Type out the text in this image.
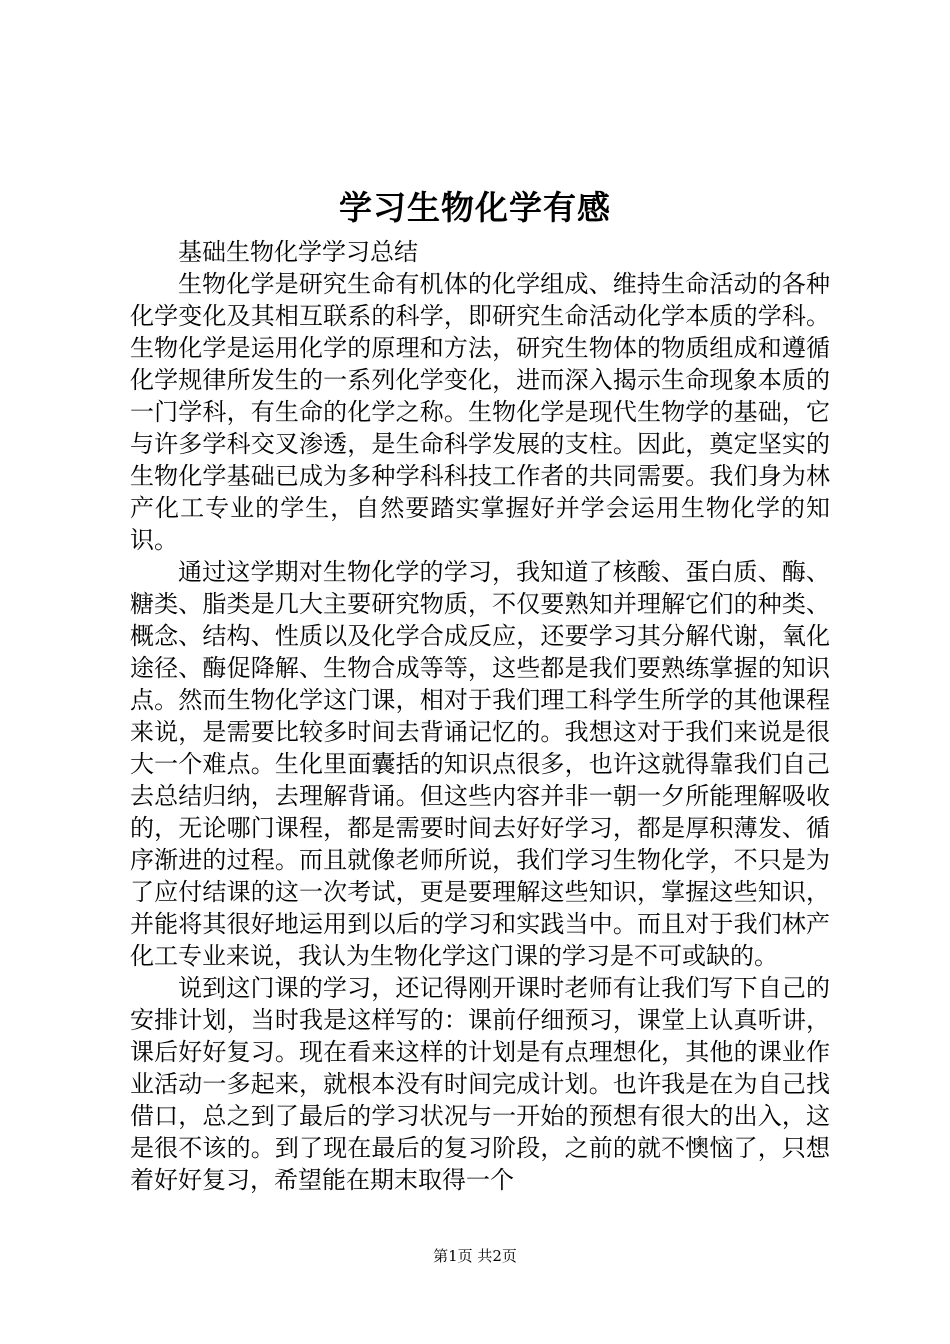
学习生物化学有感

基础生物化学学习总结

生物化学是研究生命有机体的化学组成、维持生命活动的各种化学变化及其相互联系的科学，即研究生命活动化学本质的学科。生物化学是运用化学的原理和方法，研究生物体的物质组成和遵循化学规律所发生的一系列化学变化，进而深入揭示生命现象本质的一门学科，有生命的化学之称。生物化学是现代生物学的基础，它与许多学科交叉渗透，是生命科学发展的支柱。因此，奠定坚实的生物化学基础已成为多种学科科技工作者的共同需要。我们身为林产化工专业的学生，自然要踏实掌握好并学会运用生物化学的知识。

通过这学期对生物化学的学习，我知道了核酸、蛋白质、酶、糖类、脂类是几大主要研究物质，不仅要熟知并理解它们的种类、概念、结构、性质以及化学合成反应，还要学习其分解代谢，氧化途径、酶促降解、生物合成等等，这些都是我们要熟练掌握的知识点。然而生物化学这门课，相对于我们理工科学生所学的其他课程来说，是需要比较多时间去背诵记忆的。我想这对于我们来说是很大一个难点。生化里面囊括的知识点很多，也许这就得靠我们自己去总结归纳，去理解背诵。但这些内容并非一朝一夕所能理解吸收的，无论哪门课程，都是需要时间去好好学习，都是厚积薄发、循序渐进的过程。而且就像老师所说，我们学习生物化学，不只是为了应付结课的这一次考试，更是要理解这些知识，掌握这些知识，并能将其很好地运用到以后的学习和实践当中。而且对于我们林产化工专业来说，我认为生物化学这门课的学习是不可或缺的。

说到这门课的学习，还记得刚开课时老师有让我们写下自己的安排计划，当时我是这样写的：课前仔细预习，课堂上认真听讲，课后好好复习。现在看来这样的计划是有点理想化，其他的课业作业活动一多起来，就根本没有时间完成计划。也许我是在为自己找借口，总之到了最后的学习状况与一开始的预想有很大的出入，这是很不该的。到了现在最后的复习阶段，之前的就不懊恼了，只想着好好复习，希望能在期末取得一个

第1页 共2页
